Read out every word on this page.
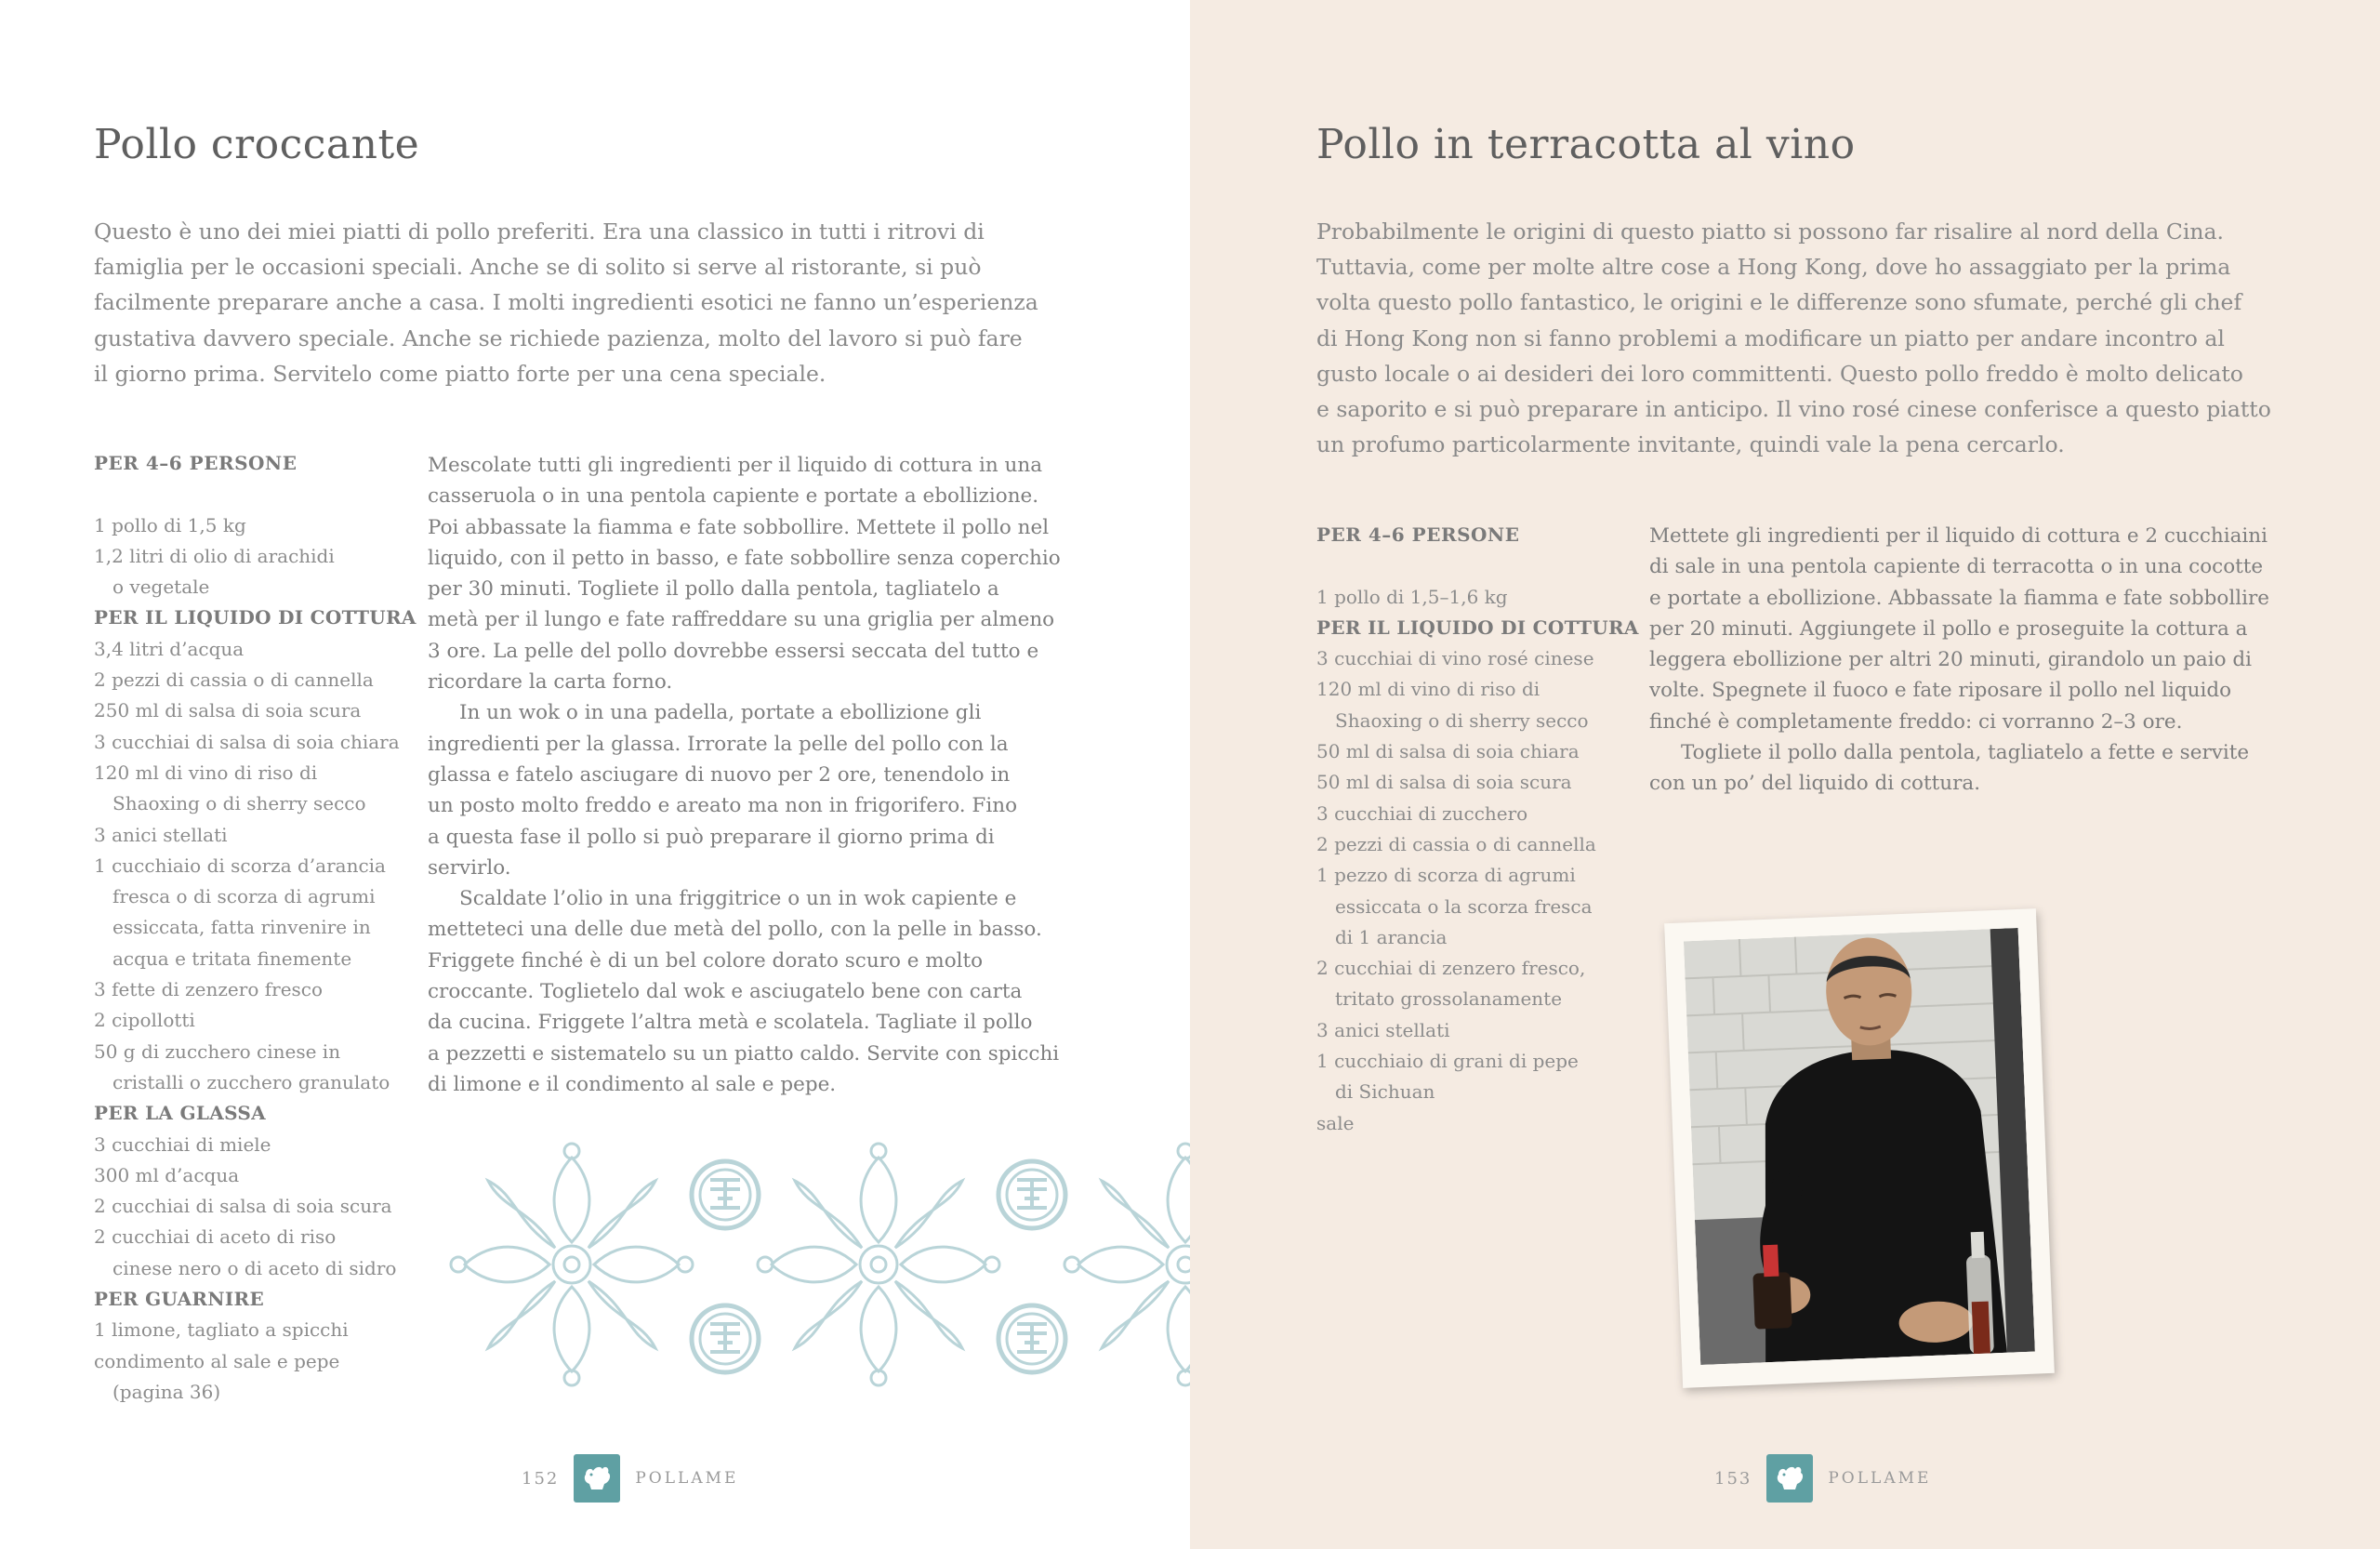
Pollo croccante
Questo è uno dei miei piatti di pollo preferiti. Era una classico in tutti i ritrovi di
famiglia per le occasioni speciali. Anche se di solito si serve al ristorante, si può
facilmente preparare anche a casa. I molti ingredienti esotici ne fanno un’esperienza
gustativa davvero speciale. Anche se richiede pazienza, molto del lavoro si può fare
il giorno prima. Servitelo come piatto forte per una cena speciale.
PER 4–6 PERSONE
1 pollo di 1,5 kg
1,2 litri di olio di arachidi
o vegetale
PER IL LIQUIDO DI COTTURA
3,4 litri d’acqua
2 pezzi di cassia o di cannella
250 ml di salsa di soia scura
3 cucchiai di salsa di soia chiara
120 ml di vino di riso di
Shaoxing o di sherry secco
3 anici stellati
1 cucchiaio di scorza d’arancia
fresca o di scorza di agrumi
essiccata, fatta rinvenire in
acqua e tritata finemente
3 fette di zenzero fresco
2 cipollotti
50 g di zucchero cinese in
cristalli o zucchero granulato
PER LA GLASSA
3 cucchiai di miele
300 ml d’acqua
2 cucchiai di salsa di soia scura
2 cucchiai di aceto di riso
cinese nero o di aceto di sidro
PER GUARNIRE
1 limone, tagliato a spicchi
condimento al sale e pepe
(pagina 36)
Mescolate tutti gli ingredienti per il liquido di cottura in una
casseruola o in una pentola capiente e portate a ebollizione.
Poi abbassate la fiamma e fate sobbollire. Mettete il pollo nel
liquido, con il petto in basso, e fate sobbollire senza coperchio
per 30 minuti. Togliete il pollo dalla pentola, tagliatelo a
metà per il lungo e fate raffreddare su una griglia per almeno
3 ore. La pelle del pollo dovrebbe essersi seccata del tutto e
ricordare la carta forno.
In un wok o in una padella, portate a ebollizione gli
ingredienti per la glassa. Irrorate la pelle del pollo con la
glassa e fatelo asciugare di nuovo per 2 ore, tenendolo in
un posto molto freddo e areato ma non in frigorifero. Fino
a questa fase il pollo si può preparare il giorno prima di
servirlo.
Scaldate l’olio in una friggitrice o un in wok capiente e
metteteci una delle due metà del pollo, con la pelle in basso.
Friggete finché è di un bel colore dorato scuro e molto
croccante. Toglietelo dal wok e asciugatelo bene con carta
da cucina. Friggete l’altra metà e scolatela. Tagliate il pollo
a pezzetti e sistematelo su un piatto caldo. Servite con spicchi
di limone e il condimento al sale e pepe.
152	POLLAME
Pollo in terracotta al vino
Probabilmente le origini di questo piatto si possono far risalire al nord della Cina.
Tuttavia, come per molte altre cose a Hong Kong, dove ho assaggiato per la prima
volta questo pollo fantastico, le origini e le differenze sono sfumate, perché gli chef
di Hong Kong non si fanno problemi a modificare un piatto per andare incontro al
gusto locale o ai desideri dei loro committenti. Questo pollo freddo è molto delicato
e saporito e si può preparare in anticipo. Il vino rosé cinese conferisce a questo piatto
un profumo particolarmente invitante, quindi vale la pena cercarlo.
PER 4–6 PERSONE
1 pollo di 1,5–1,6 kg
PER IL LIQUIDO DI COTTURA
3 cucchiai di vino rosé cinese
120 ml di vino di riso di
Shaoxing o di sherry secco
50 ml di salsa di soia chiara
50 ml di salsa di soia scura
3 cucchiai di zucchero
2 pezzi di cassia o di cannella
1 pezzo di scorza di agrumi
essiccata o la scorza fresca
di 1 arancia
2 cucchiai di zenzero fresco,
tritato grossolanamente
3 anici stellati
1 cucchiaio di grani di pepe
di Sichuan
sale
Mettete gli ingredienti per il liquido di cottura e 2 cucchiaini
di sale in una pentola capiente di terracotta o in una cocotte
e portate a ebollizione. Abbassate la fiamma e fate sobbollire
per 20 minuti. Aggiungete il pollo e proseguite la cottura a
leggera ebollizione per altri 20 minuti, girandolo un paio di
volte. Spegnete il fuoco e fate riposare il pollo nel liquido
finché è completamente freddo: ci vorranno 2–3 ore.
Togliete il pollo dalla pentola, tagliatelo a fette e servite
con un po’ del liquido di cottura.
153	POLLAME
